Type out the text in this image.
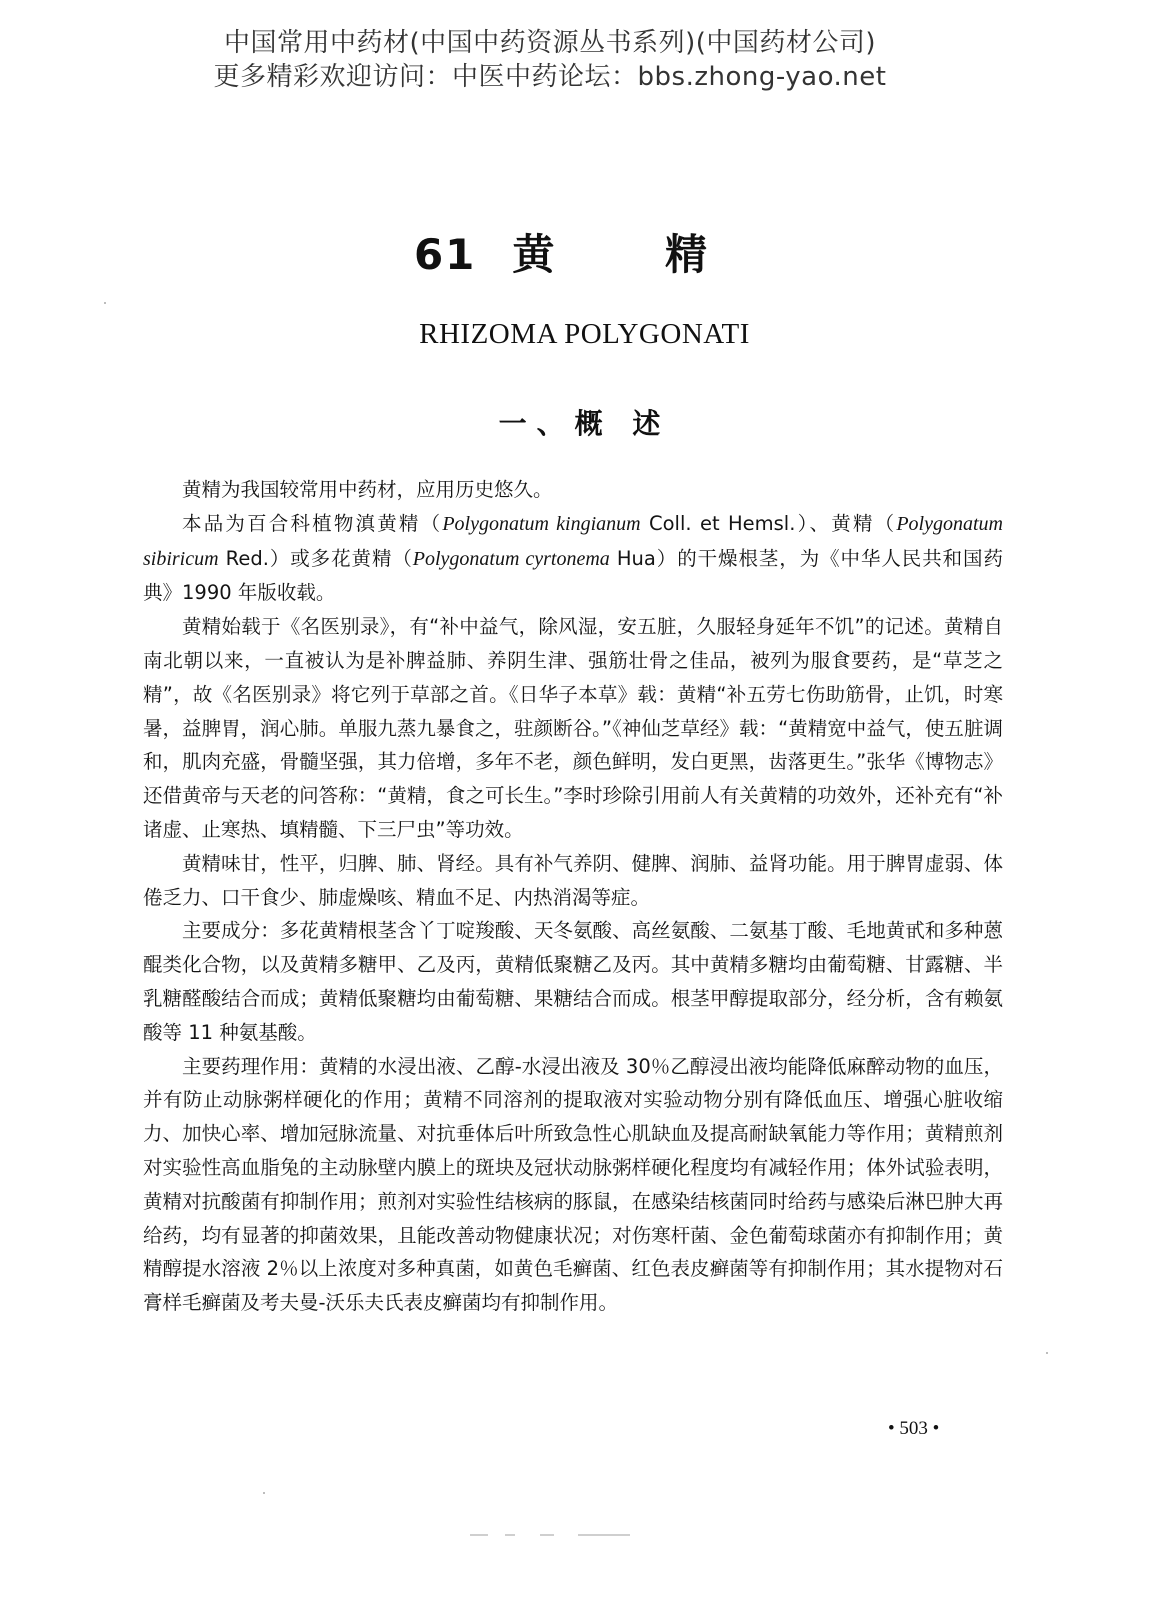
中国常用中药材(中国中药资源丛书系列)(中国药材公司)
更多精彩欢迎访问：中医中药论坛：bbs.zhong-yao.net
61 黄 精
RHIZOMA POLYGONATI
一、概 述

黄精为我国较常用中药材，应用历史悠久。

本品为百合科植物滇黄精（Polygonatum kingianum Coll. et Hemsl.）、黄精（Polygonatum sibiricum Red.）或多花黄精（Polygonatum cyrtonema Hua）的干燥根茎，为《中华人民共和国药典》1990 年版收载。

黄精始载于《名医别录》，有“补中益气，除风湿，安五脏，久服轻身延年不饥”的记述。黄精自南北朝以来，一直被认为是补脾益肺、养阴生津、强筋壮骨之佳品，被列为服食要药，是“草芝之精”，故《名医别录》将它列于草部之首。《日华子本草》载：黄精“补五劳七伤助筋骨，止饥，时寒暑，益脾胃，润心肺。单服九蒸九暴食之，驻颜断谷。”《神仙芝草经》载：“黄精宽中益气，使五脏调和，肌肉充盛，骨髓坚强，其力倍增，多年不老，颜色鲜明，发白更黑，齿落更生。”张华《博物志》还借黄帝与天老的问答称：“黄精，食之可长生。”李时珍除引用前人有关黄精的功效外，还补充有“补诸虚、止寒热、填精髓、下三尸虫”等功效。

黄精味甘，性平，归脾、肺、肾经。具有补气养阴、健脾、润肺、益肾功能。用于脾胃虚弱、体倦乏力、口干食少、肺虚燥咳、精血不足、内热消渴等症。

主要成分：多花黄精根茎含丫丁啶羧酸、天冬氨酸、高丝氨酸、二氨基丁酸、毛地黄甙和多种蒽醌类化合物，以及黄精多糖甲、乙及丙，黄精低聚糖乙及丙。其中黄精多糖均由葡萄糖、甘露糖、半乳糖醛酸结合而成；黄精低聚糖均由葡萄糖、果糖结合而成。根茎甲醇提取部分，经分析，含有赖氨酸等 11 种氨基酸。

主要药理作用：黄精的水浸出液、乙醇-水浸出液及 30％乙醇浸出液均能降低麻醉动物的血压，并有防止动脉粥样硬化的作用；黄精不同溶剂的提取液对实验动物分别有降低血压、增强心脏收缩力、加快心率、增加冠脉流量、对抗垂体后叶所致急性心肌缺血及提高耐缺氧能力等作用；黄精煎剂对实验性高血脂兔的主动脉壁内膜上的斑块及冠状动脉粥样硬化程度均有减轻作用；体外试验表明，黄精对抗酸菌有抑制作用；煎剂对实验性结核病的豚鼠，在感染结核菌同时给药与感染后淋巴肿大再给药，均有显著的抑菌效果，且能改善动物健康状况；对伤寒杆菌、金色葡萄球菌亦有抑制作用；黄精醇提水溶液 2％以上浓度对多种真菌，如黄色毛癣菌、红色表皮癣菌等有抑制作用；其水提物对石膏样毛癣菌及考夫曼-沃乐夫氏表皮癣菌均有抑制作用。

• 503 •
